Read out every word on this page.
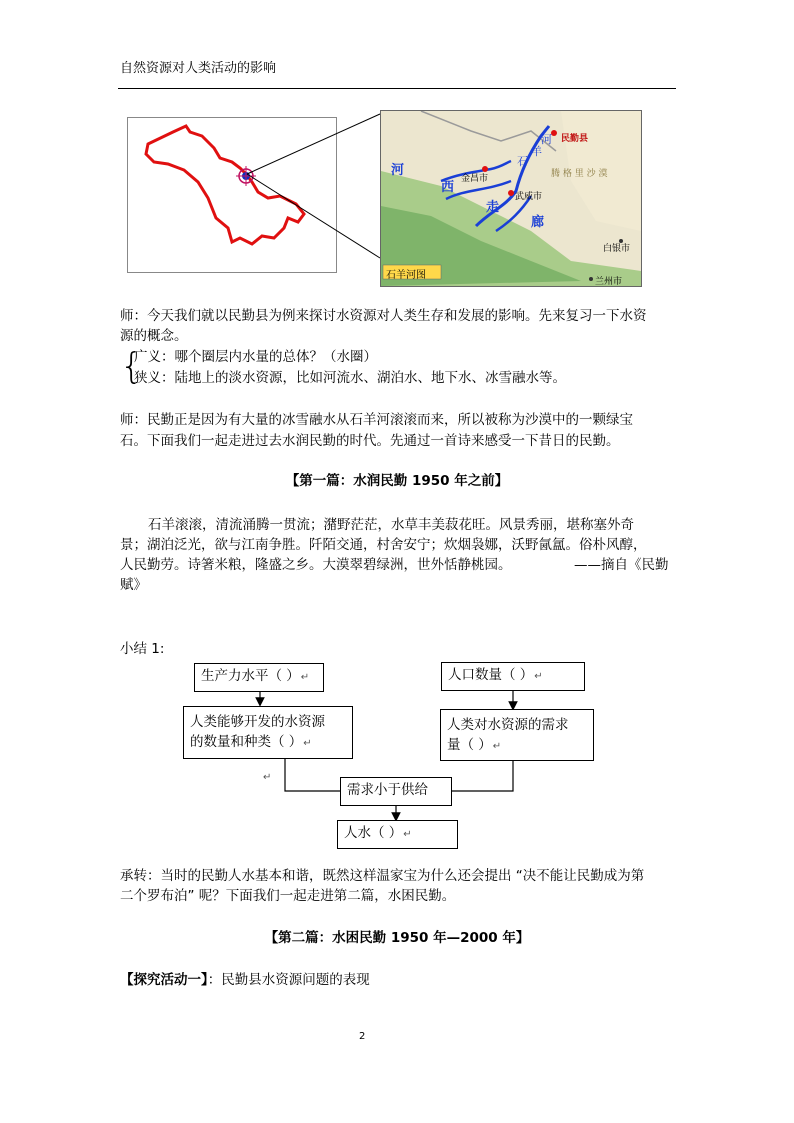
自然资源对人类活动的影响
石羊河图
河
西
走
廊
石
羊
河 民勤县
金昌市
武威市
白银市
兰州市
腾 格 里 沙 漠
师：今天我们就以民勤县为例来探讨水资源对人类生存和发展的影响。先来复习一下水资
源的概念。
{
广义：哪个圈层内水量的总体？（水圈）
狭义：陆地上的淡水资源，比如河流水、湖泊水、地下水、冰雪融水等。
师：民勤正是因为有大量的冰雪融水从石羊河滚滚而来，所以被称为沙漠中的一颗绿宝
石。下面我们一起走进过去水润民勤的时代。先通过一首诗来感受一下昔日的民勤。
【第一篇：水润民勤 1950 年之前】
石羊滚滚，清流涌腾一贯流；潴野茫茫，水草丰美菽花旺。风景秀丽，堪称塞外奇
景；湖泊泛光，欲与江南争胜。阡陌交通，村舍安宁；炊烟袅娜，沃野氤氲。俗朴风醇，
人民勤劳。诗箸米粮，隆盛之乡。大漠翠碧绿洲，世外恬静桃园。	——摘自《民勤
赋》
小结 1:
生产力水平（ ）↵	人口数量（ ）↵
人类能够开发的水资源
的数量和种类（ ）↵
人类对水资源的需求
量（ ）↵
↵
需求小于供给
人水（ ）↵
承转：当时的民勤人水基本和谐，既然这样温家宝为什么还会提出 “决不能让民勤成为第
二个罗布泊” 呢？下面我们一起走进第二篇，水困民勤。
【第二篇：水困民勤 1950 年—2000 年】
【探究活动一】：民勤县水资源问题的表现
2
